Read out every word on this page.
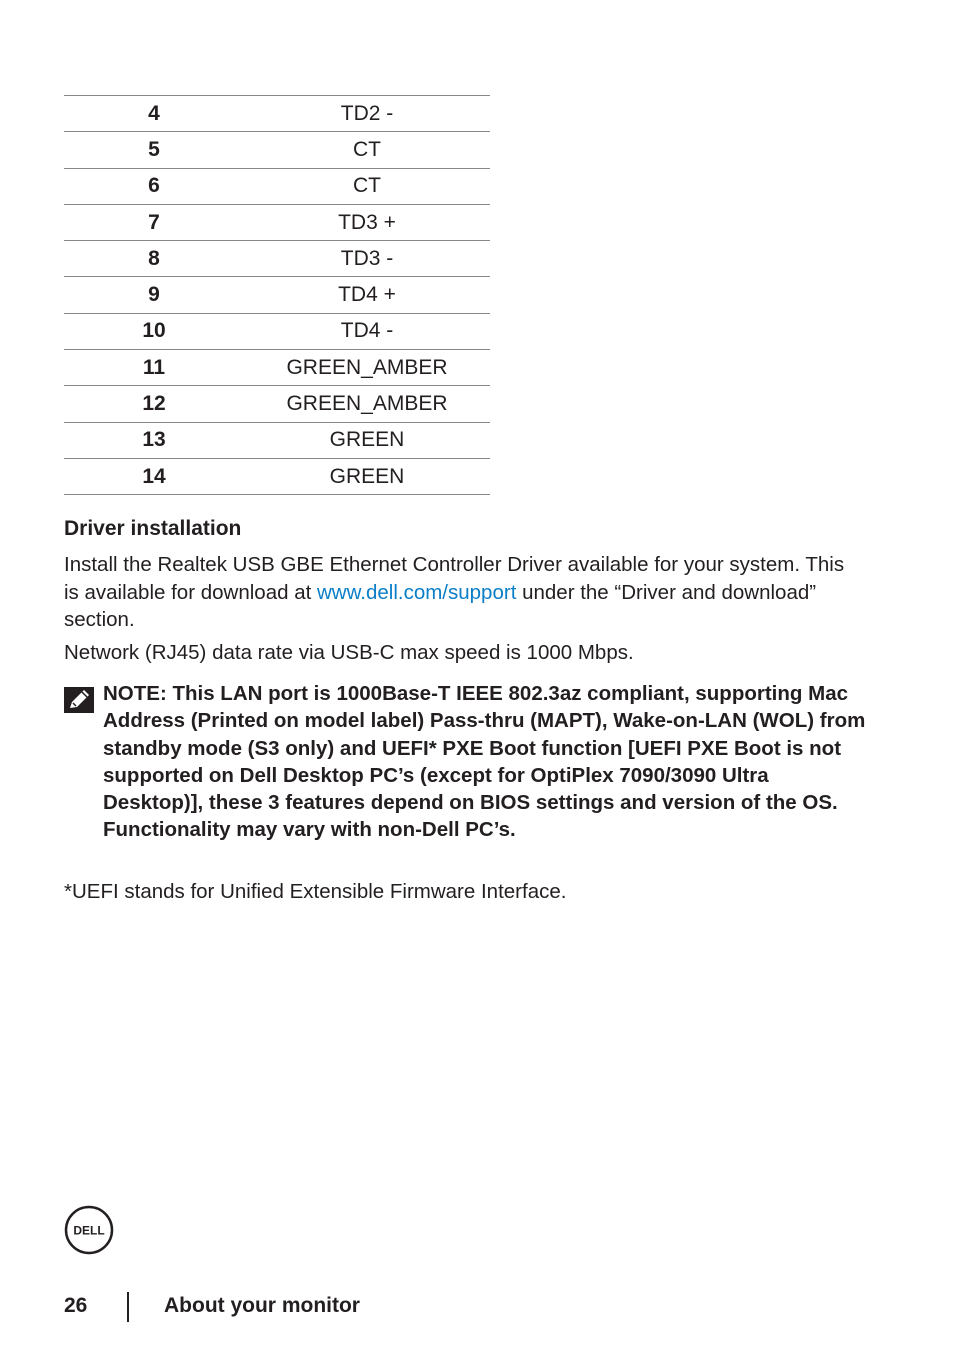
4	TD2 -
5	CT
6	CT
7	TD3 +
8	TD3 -
9	TD4 +
10	TD4 -
11	GREEN_AMBER
12	GREEN_AMBER
13	GREEN
14	GREEN
Driver installation

Install the Realtek USB GBE Ethernet Controller Driver available for your system. This is available for download at www.dell.com/support under the “Driver and download” section.

Network (RJ45) data rate via USB-C max speed is 1000 Mbps.

NOTE: This LAN port is 1000Base-T IEEE 802.3az compliant, supporting Mac Address (Printed on model label) Pass-thru (MAPT), Wake-on-LAN (WOL) from standby mode (S3 only) and UEFI* PXE Boot function [UEFI PXE Boot is not supported on Dell Desktop PC’s (except for OptiPlex 7090/3090 Ultra Desktop)], these 3 features depend on BIOS settings and version of the OS. Functionality may vary with non-Dell PC’s.

*UEFI stands for Unified Extensible Firmware Interface.

DELL
26	About your monitor
